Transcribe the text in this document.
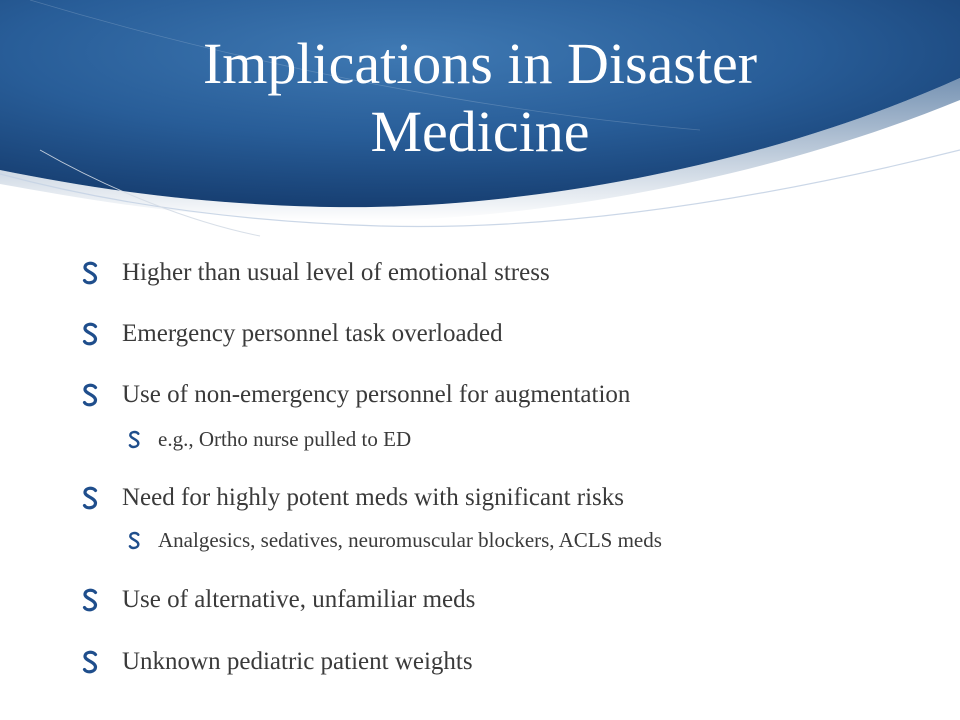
Implications in Disaster
Medicine
Higher than usual level of emotional stress
Emergency personnel task overloaded
Use of non-emergency personnel for augmentation
e.g., Ortho nurse pulled to ED
Need for highly potent meds with significant risks
Analgesics, sedatives, neuromuscular blockers, ACLS meds
Use of alternative, unfamiliar meds
Unknown pediatric patient weights
